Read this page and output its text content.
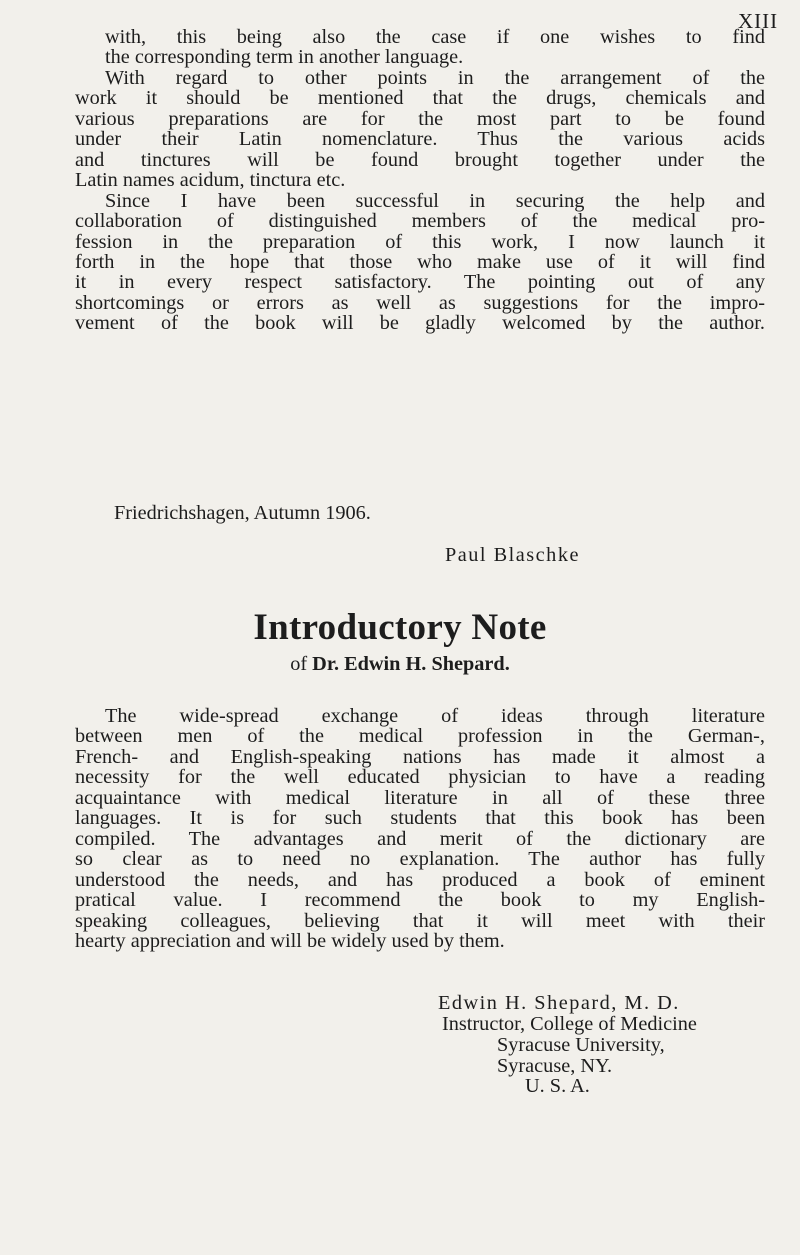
XIII
with, this being also the case if one wishes to find
the corresponding term in another language.
With regard to other points in the arrangement of the
work it should be mentioned that the drugs, chemicals and
various preparations are for the most part to be found
under their Latin nomenclature. Thus the various acids
and tinctures will be found brought together under the
Latin names acidum, tinctura etc.
Since I have been successful in securing the help and
collaboration of distinguished members of the medical pro-
fession in the preparation of this work, I now launch it
forth in the hope that those who make use of it will find
it in every respect satisfactory. The pointing out of any
shortcomings or errors as well as suggestions for the impro-
vement of the book will be gladly welcomed by the author.
Friedrichshagen, Autumn 1906.
Paul Blaschke
Introductory Note
of Dr. Edwin H. Shepard.
The wide-spread exchange of ideas through literature
between men of the medical profession in the German-,
French- and English-speaking nations has made it almost a
necessity for the well educated physician to have a reading
acquaintance with medical literature in all of these three
languages. It is for such students that this book has been
compiled. The advantages and merit of the dictionary are
so clear as to need no explanation. The author has fully
understood the needs, and has produced a book of eminent
pratical value. I recommend the book to my English-
speaking colleagues, believing that it will meet with their
hearty appreciation and will be widely used by them.
Edwin H. Shepard, M. D.
Instructor, College of Medicine
Syracuse University,
Syracuse, NY.
U. S. A.
